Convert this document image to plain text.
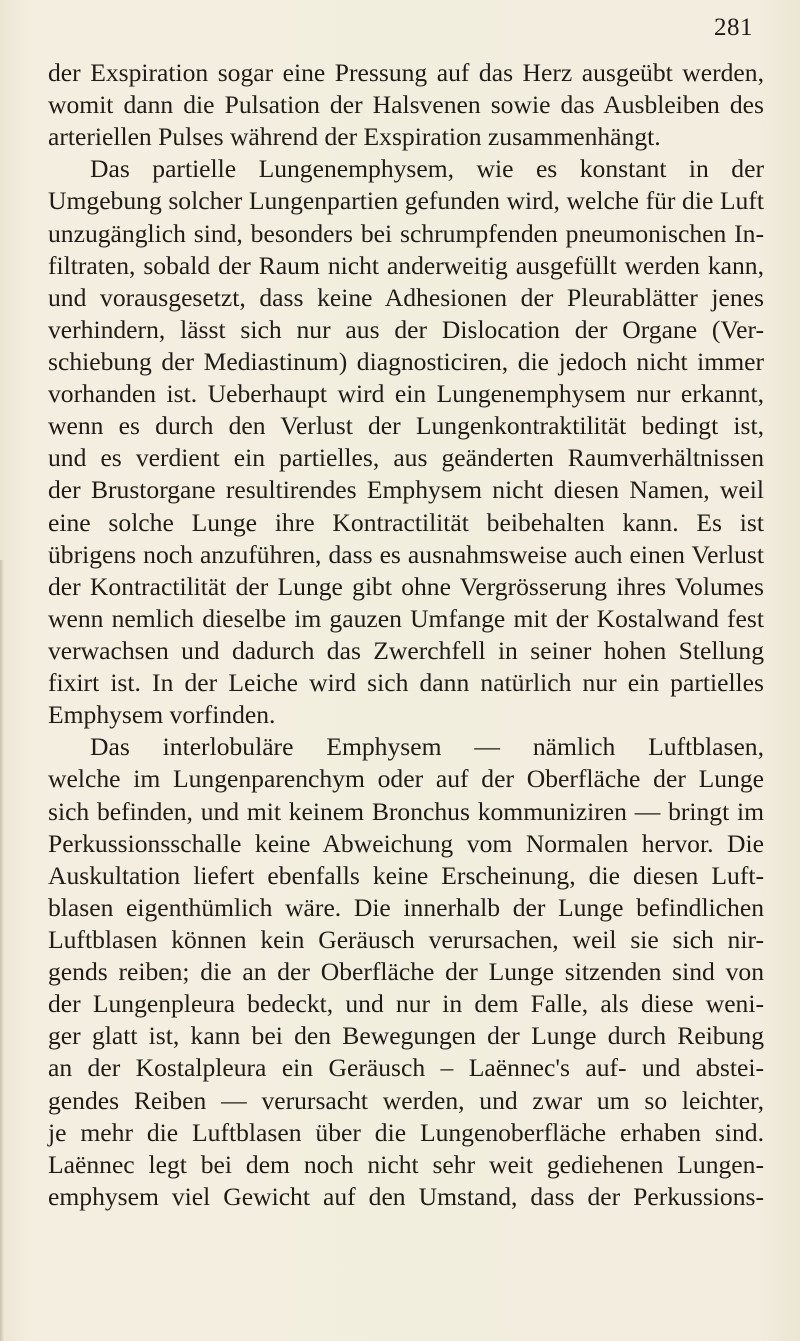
281
der Exspiration sogar eine Pressung auf das Herz ausgeübt werden,
womit dann die Pulsation der Halsvenen sowie das Ausbleiben des
arteriellen Pulses während der Exspiration zusammenhängt.
Das partielle Lungenemphysem, wie es konstant in der
Umgebung solcher Lungenpartien gefunden wird, welche für die Luft
unzugänglich sind, besonders bei schrumpfenden pneumonischen In-
filtraten, sobald der Raum nicht anderweitig ausgefüllt werden kann,
und vorausgesetzt, dass keine Adhesionen der Pleurablätter jenes
verhindern, lässt sich nur aus der Dislocation der Organe (Ver-
schiebung der Mediastinum) diagnosticiren, die jedoch nicht immer
vorhanden ist. Ueberhaupt wird ein Lungenemphysem nur erkannt,
wenn es durch den Verlust der Lungenkontraktilität bedingt ist,
und es verdient ein partielles, aus geänderten Raumverhältnissen
der Brustorgane resultirendes Emphysem nicht diesen Namen, weil
eine solche Lunge ihre Kontractilität beibehalten kann. Es ist
übrigens noch anzuführen, dass es ausnahmsweise auch einen Verlust
der Kontractilität der Lunge gibt ohne Vergrösserung ihres Volumes
wenn nemlich dieselbe im gauzen Umfange mit der Kostalwand fest
verwachsen und dadurch das Zwerchfell in seiner hohen Stellung
fixirt ist. In der Leiche wird sich dann natürlich nur ein partielles
Emphysem vorfinden.
Das interlobuläre Emphysem — nämlich Luftblasen,
welche im Lungenparenchym oder auf der Oberfläche der Lunge
sich befinden, und mit keinem Bronchus kommuniziren — bringt im
Perkussionsschalle keine Abweichung vom Normalen hervor. Die
Auskultation liefert ebenfalls keine Erscheinung, die diesen Luft-
blasen eigenthümlich wäre. Die innerhalb der Lunge befindlichen
Luftblasen können kein Geräusch verursachen, weil sie sich nir-
gends reiben; die an der Oberfläche der Lunge sitzenden sind von
der Lungenpleura bedeckt, und nur in dem Falle, als diese weni-
ger glatt ist, kann bei den Bewegungen der Lunge durch Reibung
an der Kostalpleura ein Geräusch – Laënnec's auf- und abstei-
gendes Reiben — verursacht werden, und zwar um so leichter,
je mehr die Luftblasen über die Lungenoberfläche erhaben sind.
Laënnec legt bei dem noch nicht sehr weit gediehenen Lungen-
emphysem viel Gewicht auf den Umstand, dass der Perkussions-
